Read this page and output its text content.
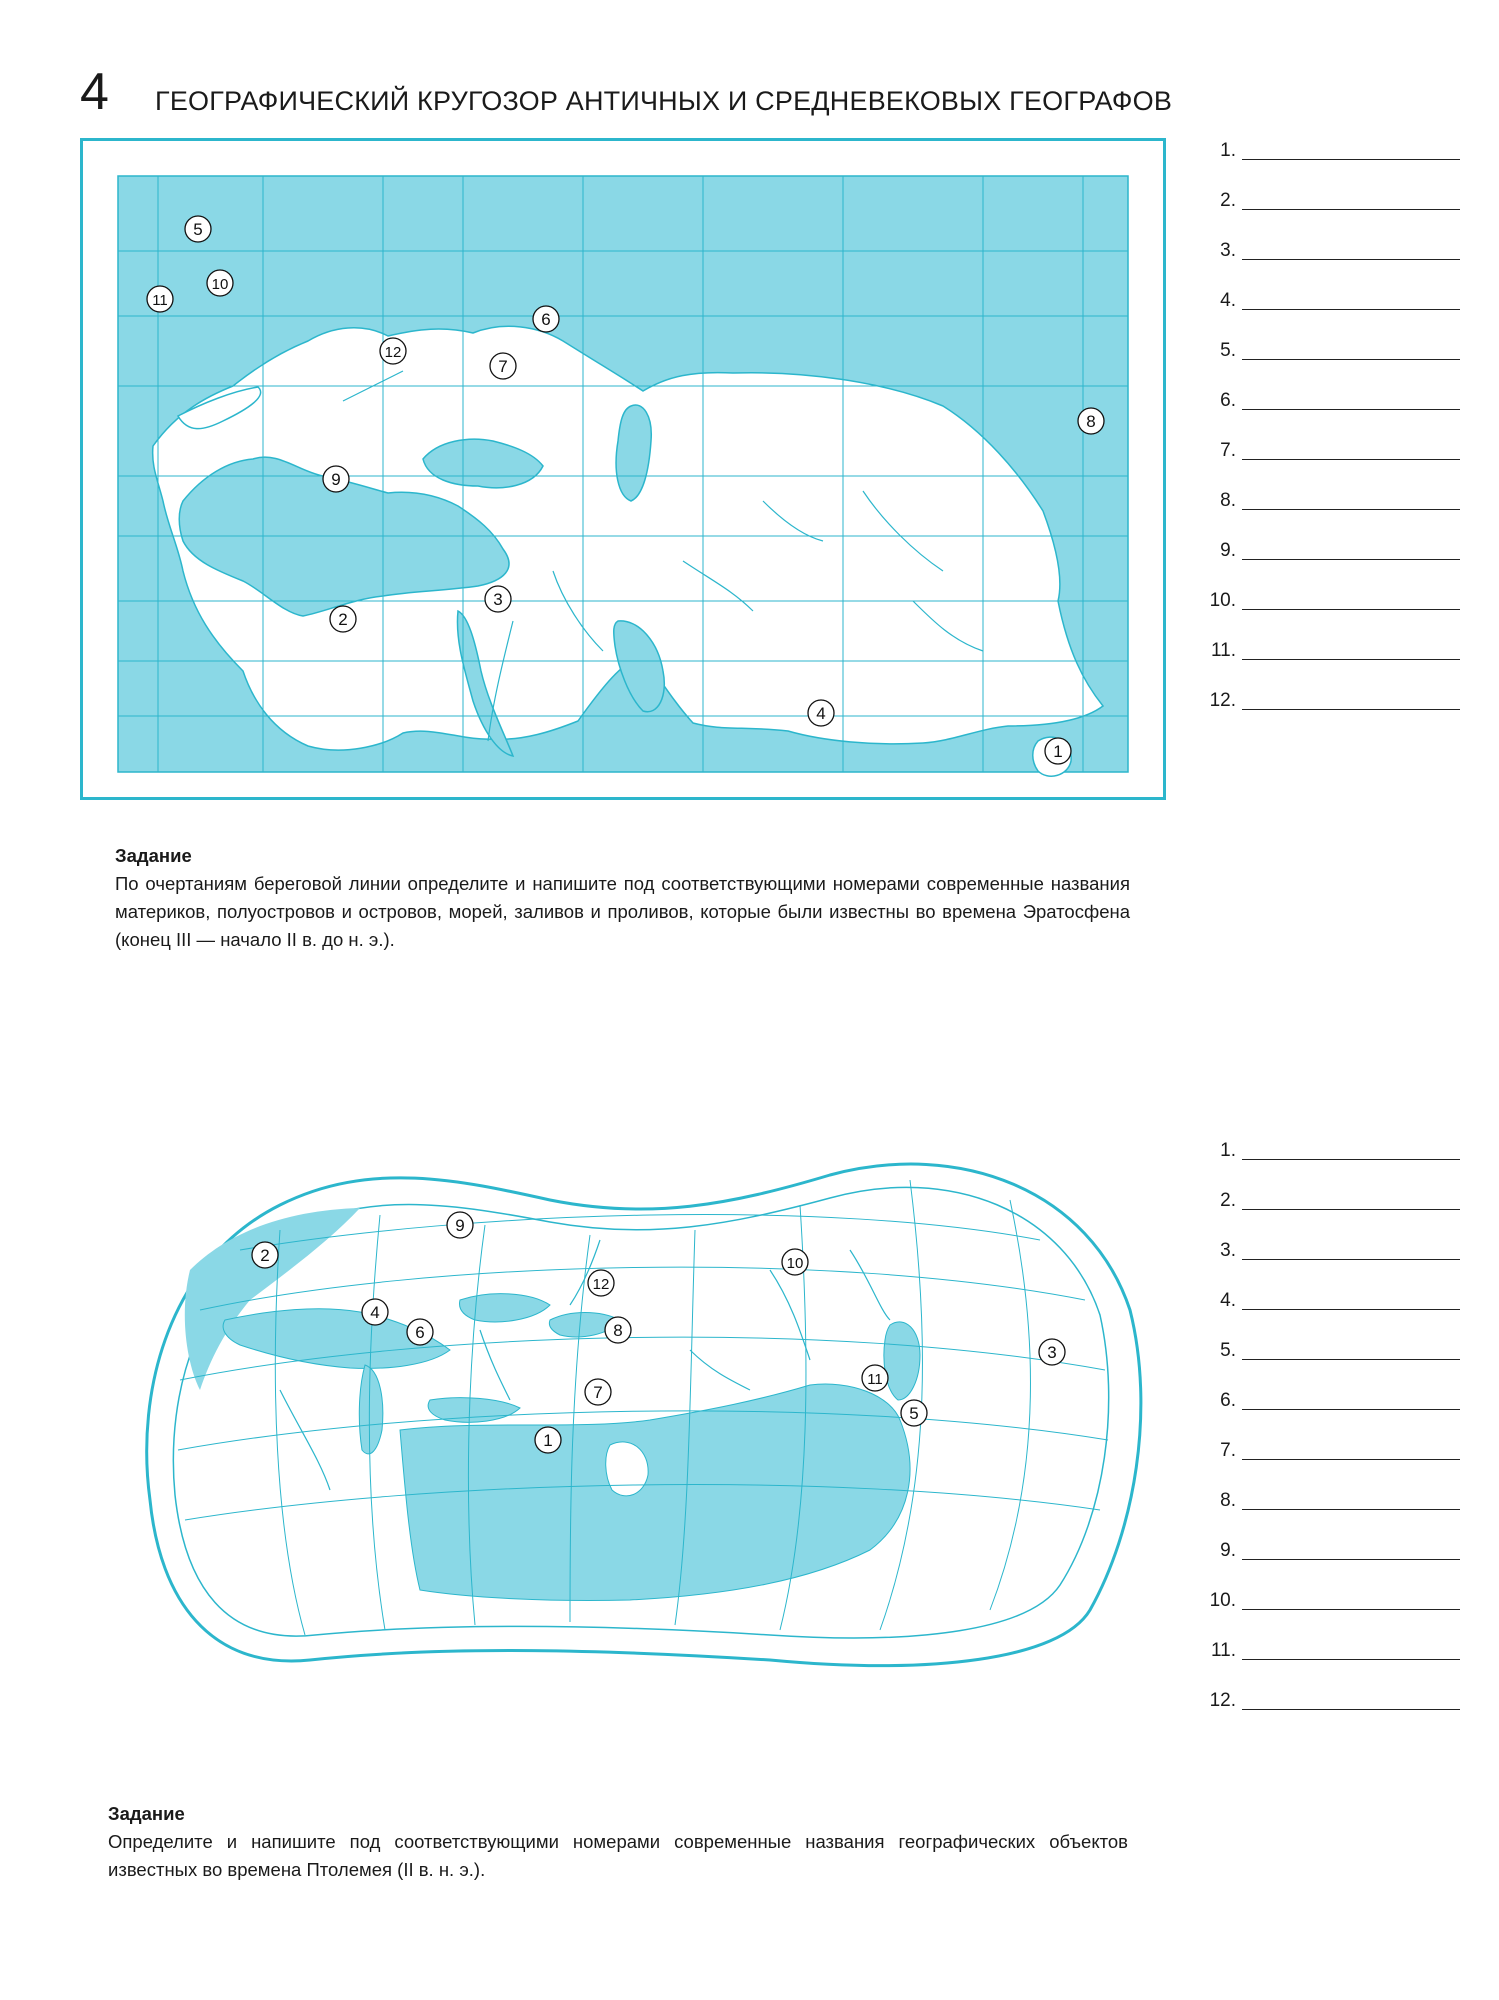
4 ГЕОГРАФИЧЕСКИЙ КРУГОЗОР АНТИЧНЫХ И СРЕДНЕВЕКОВЫХ ГЕОГРАФОВ
1
2
3
4
5
6
7
8
9
10
11
12
1.
2.
3.
4.
5.
6.
7.
8.
9.
10.
11.
12.
Задание

По очертаниям береговой линии определите и напишите под соответствующими номерами современные названия материков, полуостровов и островов, морей, заливов и проливов, которые были известны во времена Эратосфена (конец III — начало II в. до н. э.).

1
2
3
4
5
6
7
8
9
10
11
12
1.
2.
3.
4.
5.
6.
7.
8.
9.
10.
11.
12.
Задание

Определите и напишите под соответствующими номерами современные названия географических объектов известных во времена Птолемея (II в. н. э.).
